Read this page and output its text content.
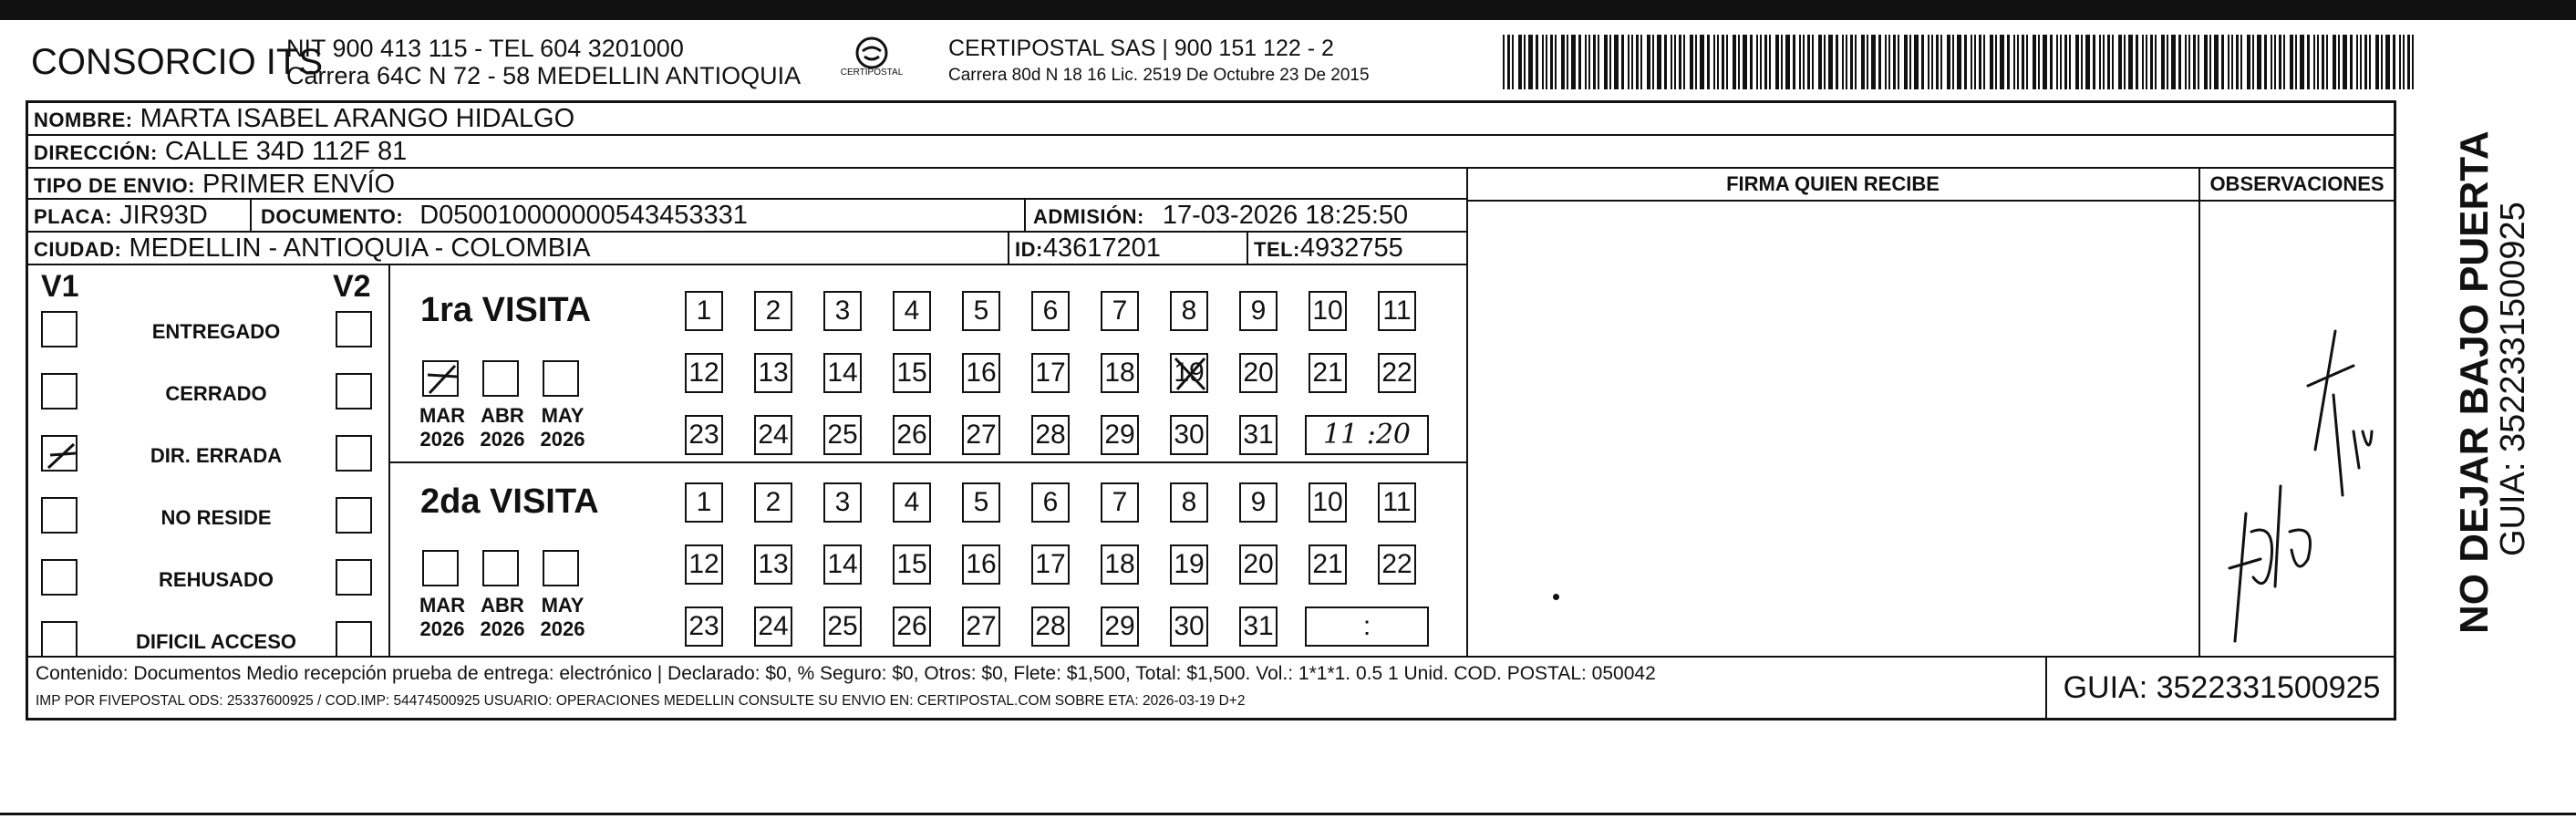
CONSORCIO ITS
NIT 900 413 115 - TEL 604 3201000
Carrera 64C N 72 - 58 MEDELLIN ANTIOQUIA	CERTIPOSTAL
CERTIPOSTAL SAS | 900 151 122 - 2
Carrera 80d N 18 16 Lic. 2519 De Octubre 23 De 2015
NOMBRE: MARTA ISABEL ARANGO HIDALGO
DIRECCIÓN: CALLE 34D 112F 81
TIPO DE ENVIO: PRIMER ENVÍO
PLACA: JIR93D	DOCUMENTO: D050010000000543453331	ADMISIÓN: 17-03-2026 18:25:50
CIUDAD: MEDELLIN - ANTIOQUIA - COLOMBIA	ID:43617201	TEL:4932755
FIRMA QUIEN RECIBE	OBSERVACIONES
V1	V2
1ra VISITA
2da VISITA
11 :20
:
Contenido: Documentos Medio recepción prueba de entrega: electrónico | Declarado: $0, % Seguro: $0, Otros: $0, Flete: $1,500, Total: $1,500. Vol.: 1*1*1. 0.5 1 Unid. COD. POSTAL: 050042
IMP POR FIVEPOSTAL ODS: 25337600925 / COD.IMP: 54474500925 USUARIO: OPERACIONES MEDELLIN CONSULTE SU ENVIO EN: CERTIPOSTAL.COM SOBRE ETA: 2026-03-19 D+2	GUIA: 3522331500925
ENTREGADO
CERRADO
DIR. ERRADA
NO RESIDE
REHUSADO
DIFICIL ACCESO
MAR
2026
ABR
2026
MAY
2026
MAR
2026
ABR
2026
MAY
2026
1	2	3	4	5	6	7	8	9	10 11
12 13 14 15 16 17 18 19 20 21 22
23 24 25 26 27 28 29 30 31
1	2	3	4	5	6	7	8	9	10 11
12 13 14 15 16 17 18 19 20 21 22
23 24 25 26 27 28 29 30 31	NO DEJAR BAJO PUERTA
GUIA: 3522331500925
